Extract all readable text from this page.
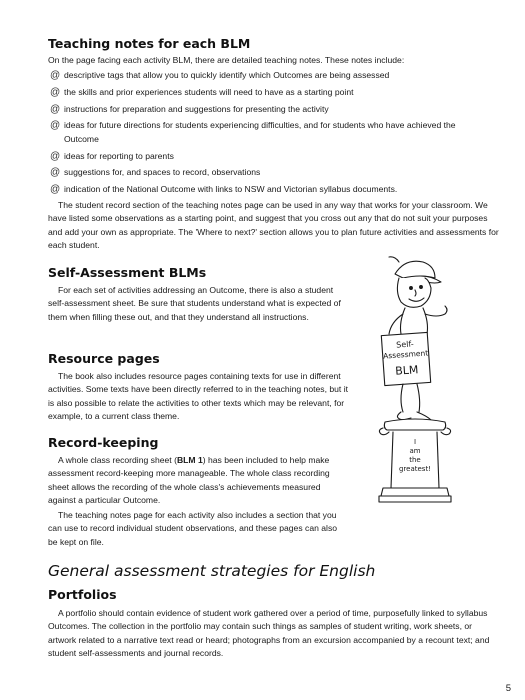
Teaching notes for each BLM

On the page facing each activity BLM, there are detailed teaching notes. These notes include:

@ descriptive tags that allow you to quickly identify which Outcomes are being assessed
@ the skills and prior experiences students will need to have as a starting point
@ instructions for preparation and suggestions for presenting the activity
@ ideas for future directions for students experiencing difficulties, and for students who have achieved the Outcome
@ ideas for reporting to parents
@ suggestions for, and spaces to record, observations
@ indication of the National Outcome with links to NSW and Victorian syllabus documents.

The student record section of the teaching notes page can be used in any way that works for your classroom. We have listed some observations as a starting point, and suggest that you cross out any that do not suit your purposes and add your own as appropriate. The 'Where to next?' section allows you to plan future activities and assessments for each student.

Self-Assessment BLMs

For each set of activities addressing an Outcome, there is also a student self-assessment sheet. Be sure that students understand what is expected of them when filling these out, and that they understand all instructions.

Resource pages

The book also includes resource pages containing texts for use in different activities. Some texts have been directly referred to in the teaching notes, but it is also possible to relate the activities to other texts which may be relevant, for example, to a current class theme.

Record-keeping

A whole class recording sheet (BLM 1) has been included to help make assessment record-keeping more manageable. The whole class recording sheet allows the recording of the whole class's achievements measured against a particular Outcome.

The teaching notes page for each activity also includes a section that you can use to record individual student observations, and these pages can also be kept on file.

General assessment strategies for English
Portfolios

A portfolio should contain evidence of student work gathered over a period of time, purposefully linked to syllabus Outcomes. The collection in the portfolio may contain such things as samples of student writing, work sheets, or artwork related to a narrative text read or heard; photographs from an excursion accompanied by a recount text; and student self-assessments and journal records.

Self-
Assessment
BLM
I
am
the
greatest!
5
